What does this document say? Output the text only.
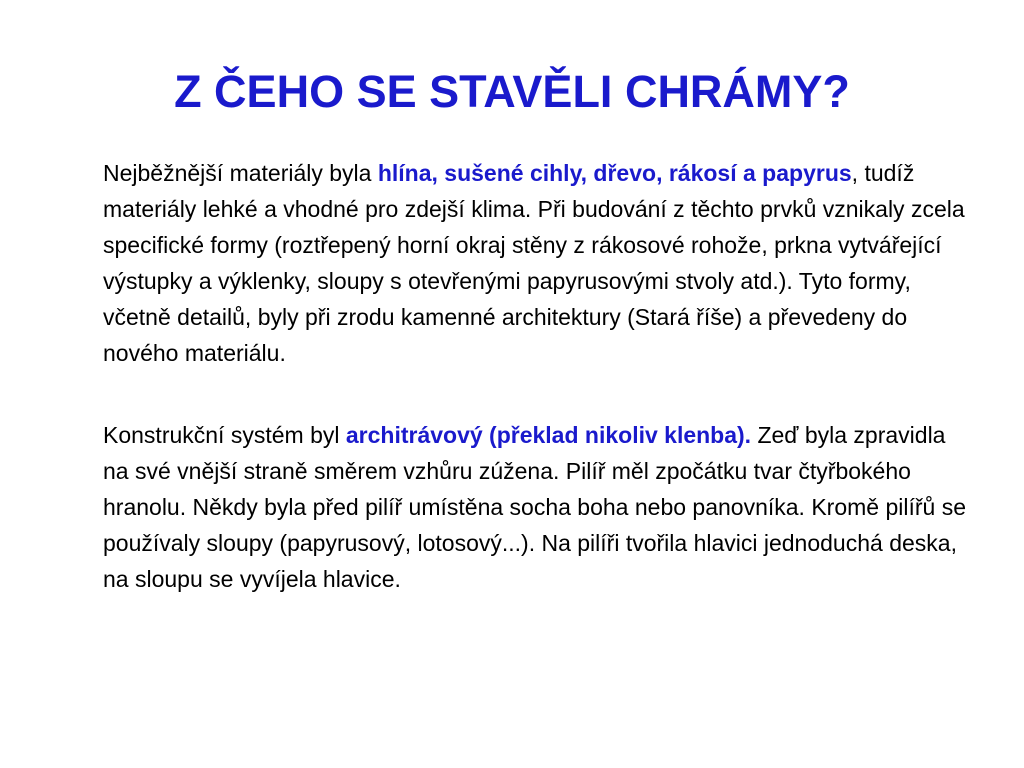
Z ČEHO SE STAVĚLI CHRÁMY?

Nejběžnější materiály byla hlína, sušené cihly, dřevo, rákosí a papyrus, tudíž materiály lehké a vhodné pro zdejší klima. Při budování z těchto prvků vznikaly zcela specifické formy (roztřepený horní okraj stěny z rákosové rohože, prkna vytvářející výstupky a výklenky, sloupy s otevřenými papyrusovými stvoly atd.). Tyto formy, včetně detailů, byly při zrodu kamenné architektury (Stará říše) a převedeny do nového materiálu.

Konstrukční systém byl architrávový (překlad nikoliv klenba). Zeď byla zpravidla na své vnější straně směrem vzhůru zúžena. Pilíř měl zpočátku tvar čtyřbokého hranolu. Někdy byla před pilíř umístěna socha boha nebo panovníka. Kromě pilířů se používaly sloupy (papyrusový, lotosový...). Na pilíři tvořila hlavici jednoduchá deska, na sloupu se vyvíjela hlavice.
